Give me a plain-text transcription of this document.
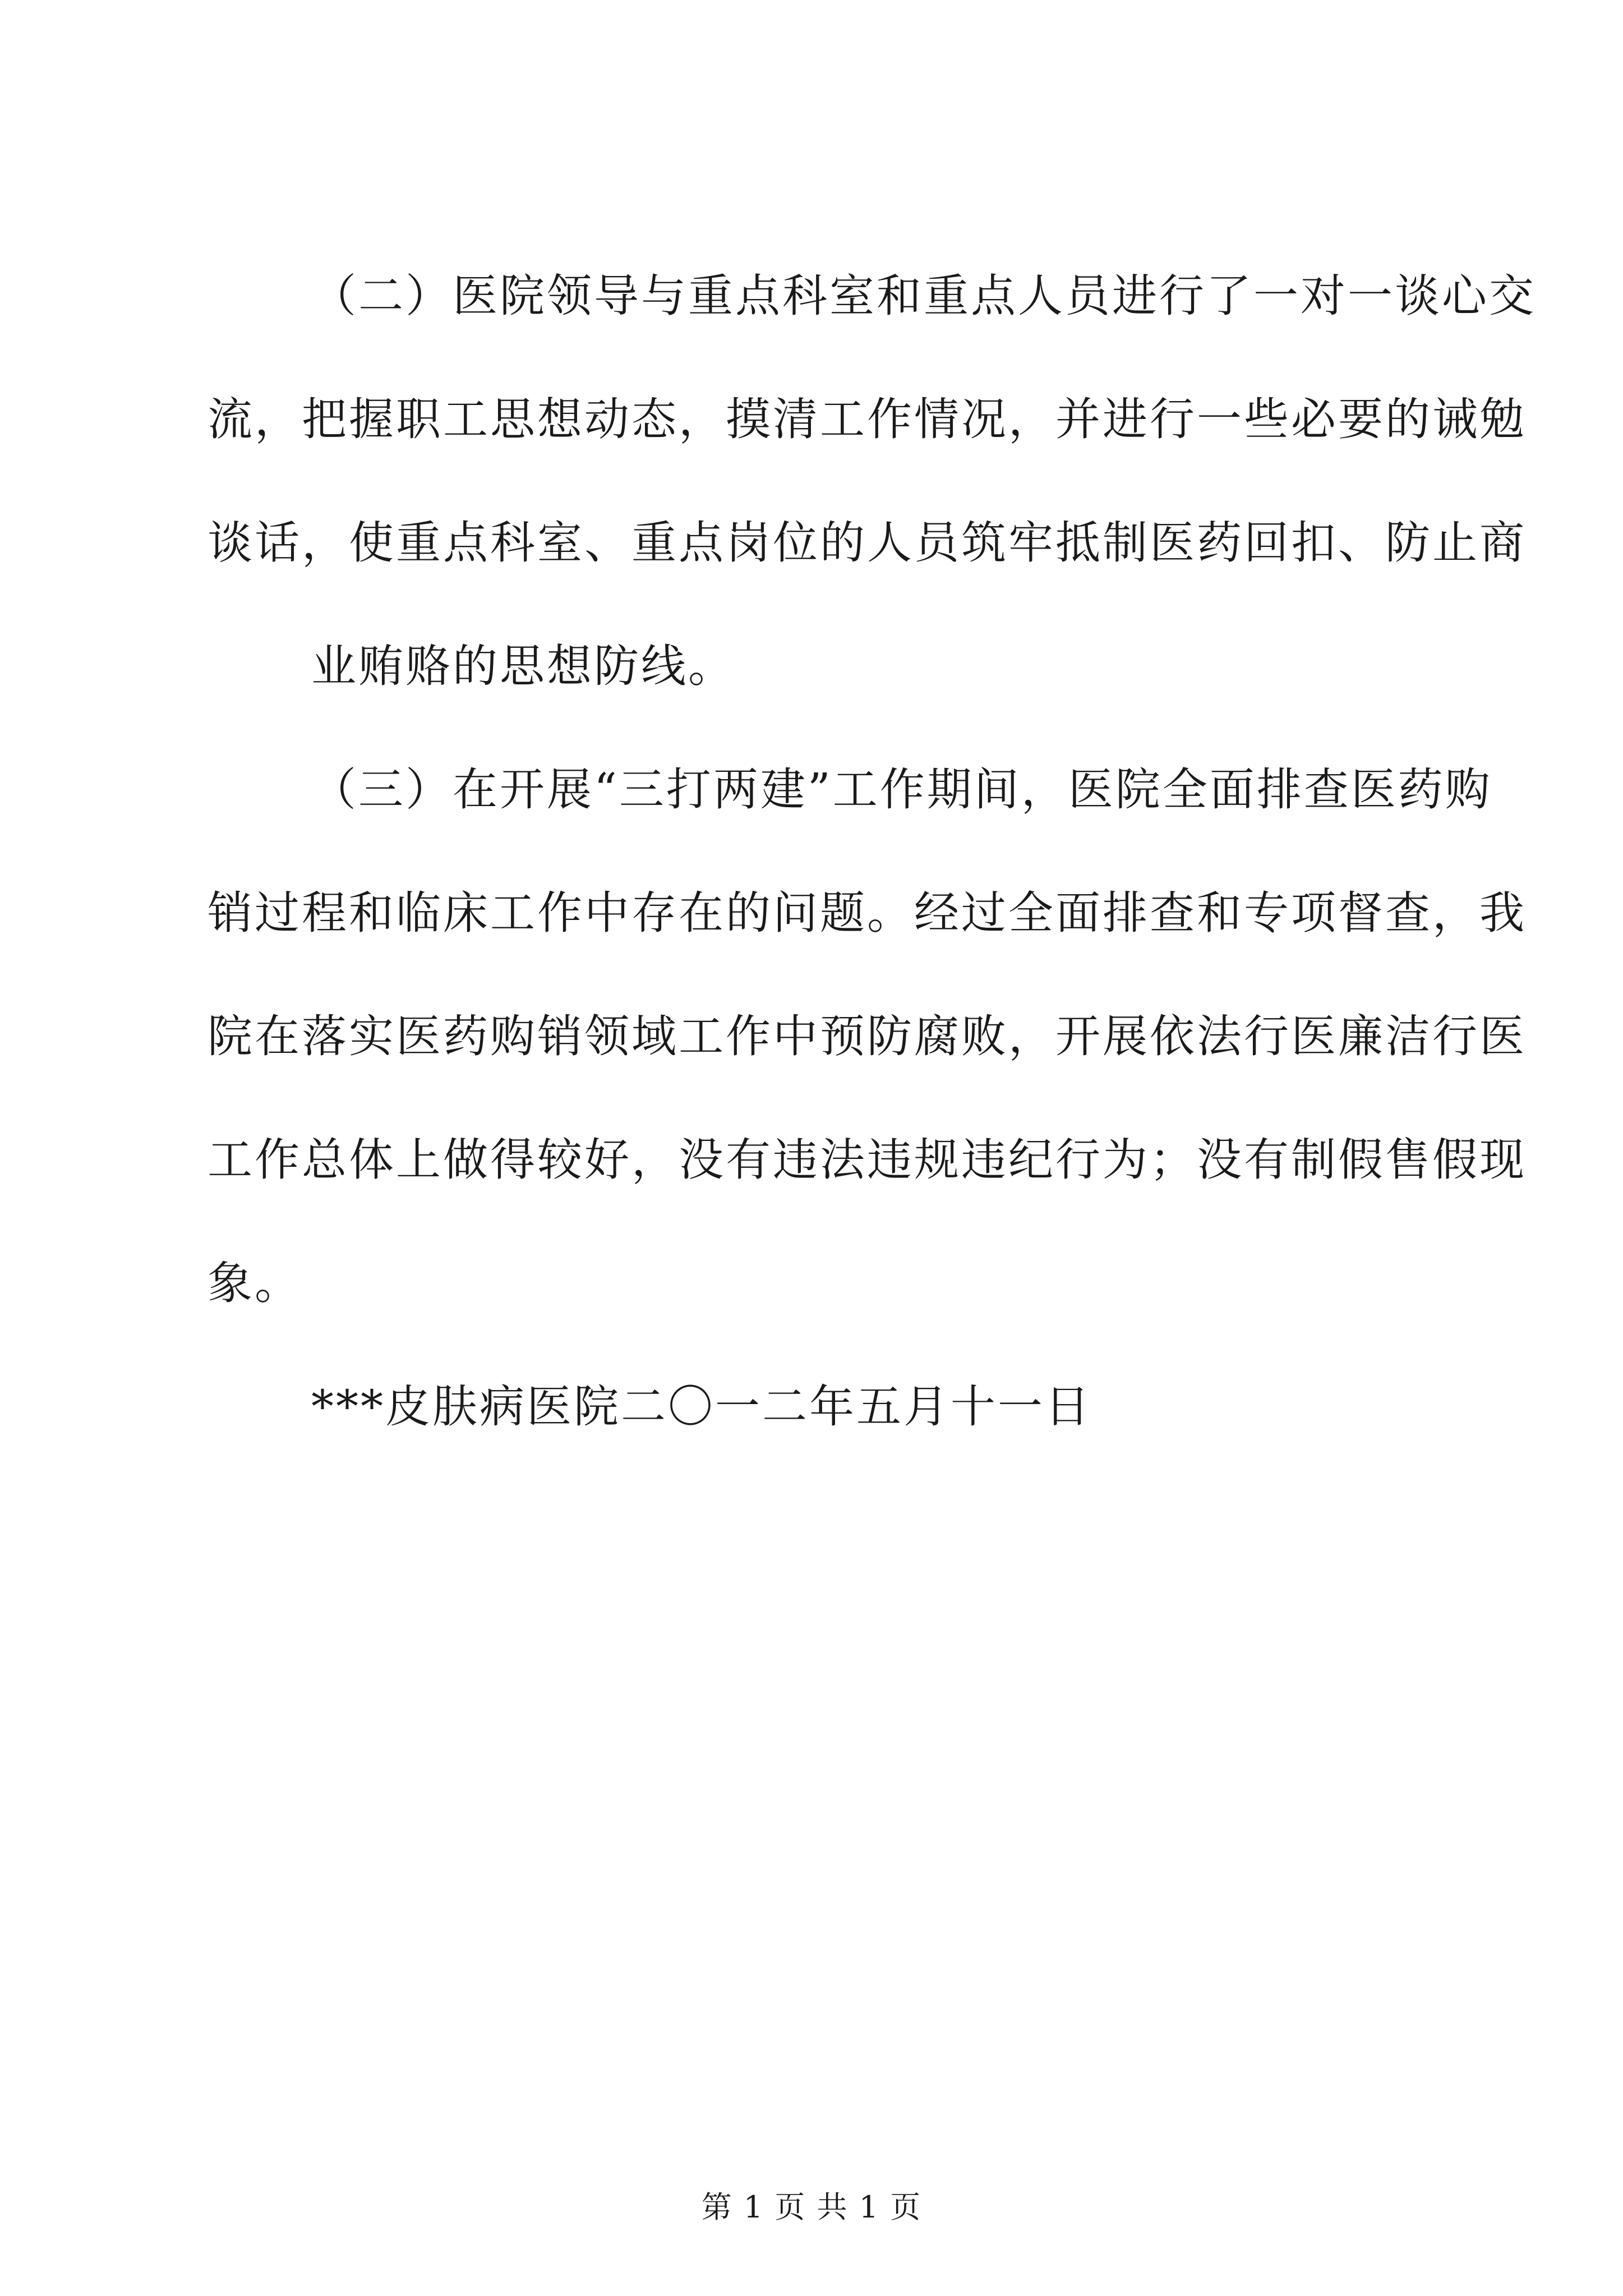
（二）医院领导与重点科室和重点人员进行了一对一谈心交
流，把握职工思想动态，摸清工作情况，并进行一些必要的诫勉
谈话，使重点科室、重点岗位的人员筑牢抵制医药回扣、防止商
业贿赂的思想防线。
（三）在开展“三打两建”工作期间，医院全面排查医药购
销过程和临床工作中存在的问题。经过全面排查和专项督查，我
院在落实医药购销领域工作中预防腐败，开展依法行医廉洁行医
工作总体上做得较好，没有违法违规违纪行为；没有制假售假现
象。
***皮肤病医院二〇一二年五月十一日
第 1 页 共 1 页
